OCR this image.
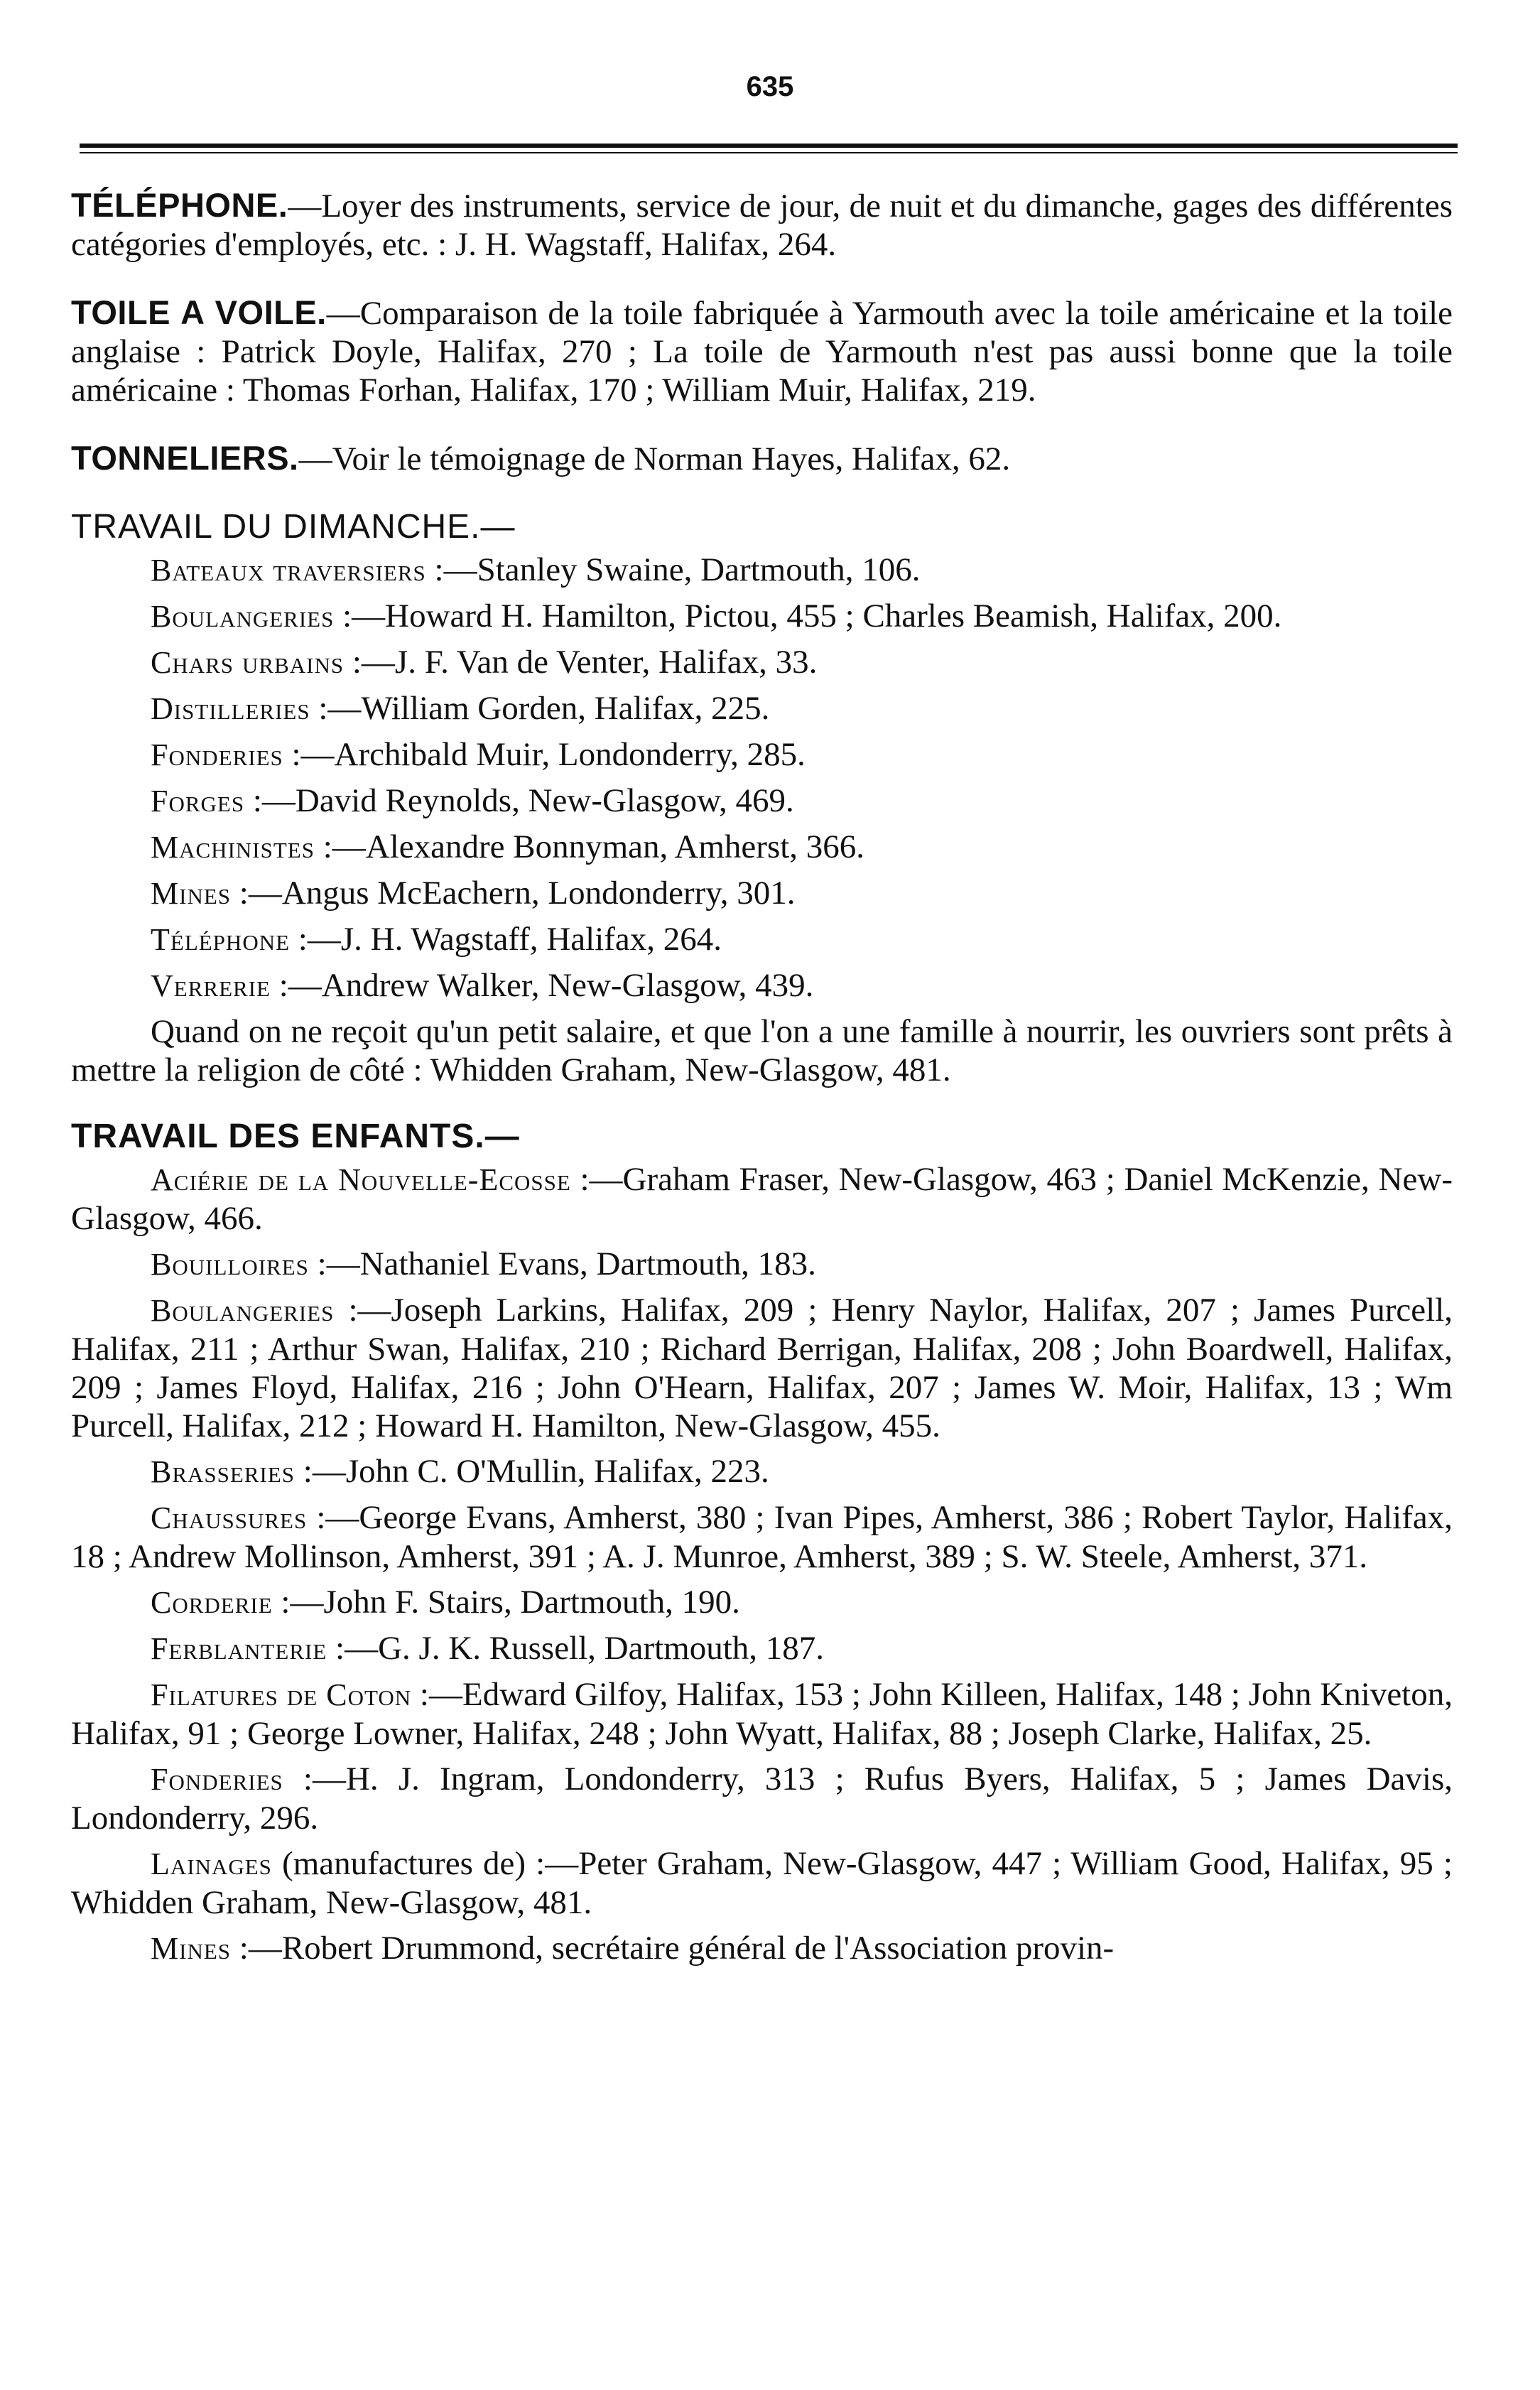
635

TÉLÉPHONE.—Loyer des instruments, service de jour, de nuit et du dimanche, gages des différentes catégories d'employés, etc. : J. H. Wagstaff, Halifax, 264.

TOILE A VOILE.—Comparaison de la toile fabriquée à Yarmouth avec la toile américaine et la toile anglaise : Patrick Doyle, Halifax, 270 ; La toile de Yarmouth n'est pas aussi bonne que la toile américaine : Thomas Forhan, Halifax, 170 ; William Muir, Halifax, 219.

TONNELIERS.—Voir le témoignage de Norman Hayes, Halifax, 62.

TRAVAIL DU DIMANCHE.—

Bateaux traversiers :—Stanley Swaine, Dartmouth, 106.

Boulangeries :—Howard H. Hamilton, Pictou, 455 ; Charles Beamish, Halifax, 200.

Chars urbains :—J. F. Van de Venter, Halifax, 33.

Distilleries :—William Gorden, Halifax, 225.

Fonderies :—Archibald Muir, Londonderry, 285.

Forges :—David Reynolds, New-Glasgow, 469.

Machinistes :—Alexandre Bonnyman, Amherst, 366.

Mines :—Angus McEachern, Londonderry, 301.

Téléphone :—J. H. Wagstaff, Halifax, 264.

Verrerie :—Andrew Walker, New-Glasgow, 439.

Quand on ne reçoit qu'un petit salaire, et que l'on a une famille à nourrir, les ouvriers sont prêts à mettre la religion de côté : Whidden Graham, New-Glasgow, 481.

TRAVAIL DES ENFANTS.—

Aciérie de la Nouvelle-Ecosse :—Graham Fraser, New-Glasgow, 463 ; Daniel McKenzie, New-Glasgow, 466.

Bouilloires :—Nathaniel Evans, Dartmouth, 183.

Boulangeries :—Joseph Larkins, Halifax, 209 ; Henry Naylor, Halifax, 207 ; James Purcell, Halifax, 211 ; Arthur Swan, Halifax, 210 ; Richard Berrigan, Halifax, 208 ; John Boardwell, Halifax, 209 ; James Floyd, Halifax, 216 ; John O'Hearn, Halifax, 207 ; James W. Moir, Halifax, 13 ; Wm Purcell, Halifax, 212 ; Howard H. Hamilton, New-Glasgow, 455.

Brasseries :—John C. O'Mullin, Halifax, 223.

Chaussures :—George Evans, Amherst, 380 ; Ivan Pipes, Amherst, 386 ; Robert Taylor, Halifax, 18 ; Andrew Mollinson, Amherst, 391 ; A. J. Munroe, Amherst, 389 ; S. W. Steele, Amherst, 371.

Corderie :—John F. Stairs, Dartmouth, 190.

Ferblanterie :—G. J. K. Russell, Dartmouth, 187.

Filatures de Coton :—Edward Gilfoy, Halifax, 153 ; John Killeen, Halifax, 148 ; John Kniveton, Halifax, 91 ; George Lowner, Halifax, 248 ; John Wyatt, Halifax, 88 ; Joseph Clarke, Halifax, 25.

Fonderies :—H. J. Ingram, Londonderry, 313 ; Rufus Byers, Halifax, 5 ; James Davis, Londonderry, 296.

Lainages (manufactures de) :—Peter Graham, New-Glasgow, 447 ; William Good, Halifax, 95 ; Whidden Graham, New-Glasgow, 481.

Mines :—Robert Drummond, secrétaire général de l'Association provin-
